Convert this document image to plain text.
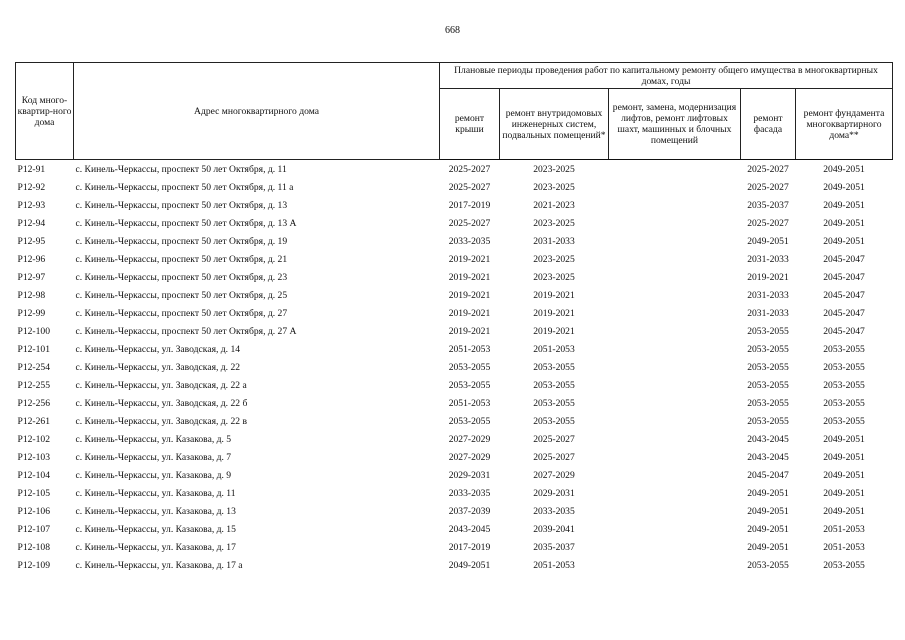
668
Код много-квартир-ного дома	Адрес многоквартирного дома	Плановые периоды проведения работ по капитальному ремонту общего имущества в многоквартирных домах, годы				
		ремонт крыши	ремонт внутридомовых инженерных систем, подвальных помещений*	ремонт, замена, модернизация лифтов, ремонт лифтовых шахт, машинных и блочных помещений	ремонт фасада	ремонт фундамента многоквартирного дома**
Р12-91	с. Кинель-Черкассы, проспект 50 лет Октября, д. 11	2025-2027	2023-2025		2025-2027	2049-2051
Р12-92	с. Кинель-Черкассы, проспект 50 лет Октября, д. 11 а	2025-2027	2023-2025		2025-2027	2049-2051
Р12-93	с. Кинель-Черкассы, проспект 50 лет Октября, д. 13	2017-2019	2021-2023		2035-2037	2049-2051
Р12-94	с. Кинель-Черкассы, проспект 50 лет Октября, д. 13 А	2025-2027	2023-2025		2025-2027	2049-2051
Р12-95	с. Кинель-Черкассы, проспект 50 лет Октября, д. 19	2033-2035	2031-2033		2049-2051	2049-2051
Р12-96	с. Кинель-Черкассы, проспект 50 лет Октября, д. 21	2019-2021	2023-2025		2031-2033	2045-2047
Р12-97	с. Кинель-Черкассы, проспект 50 лет Октября, д. 23	2019-2021	2023-2025		2019-2021	2045-2047
Р12-98	с. Кинель-Черкассы, проспект 50 лет Октября, д. 25	2019-2021	2019-2021		2031-2033	2045-2047
Р12-99	с. Кинель-Черкассы, проспект 50 лет Октября, д. 27	2019-2021	2019-2021		2031-2033	2045-2047
Р12-100	с. Кинель-Черкассы, проспект 50 лет Октября, д. 27 А	2019-2021	2019-2021		2053-2055	2045-2047
Р12-101	с. Кинель-Черкассы, ул. Заводская, д. 14	2051-2053	2051-2053		2053-2055	2053-2055
Р12-254	с. Кинель-Черкассы, ул. Заводская, д. 22	2053-2055	2053-2055		2053-2055	2053-2055
Р12-255	с. Кинель-Черкассы, ул. Заводская, д. 22 а	2053-2055	2053-2055		2053-2055	2053-2055
Р12-256	с. Кинель-Черкассы, ул. Заводская, д. 22 б	2051-2053	2053-2055		2053-2055	2053-2055
Р12-261	с. Кинель-Черкассы, ул. Заводская, д. 22 в	2053-2055	2053-2055		2053-2055	2053-2055
Р12-102	с. Кинель-Черкассы, ул. Казакова, д. 5	2027-2029	2025-2027		2043-2045	2049-2051
Р12-103	с. Кинель-Черкассы, ул. Казакова, д. 7	2027-2029	2025-2027		2043-2045	2049-2051
Р12-104	с. Кинель-Черкассы, ул. Казакова, д. 9	2029-2031	2027-2029		2045-2047	2049-2051
Р12-105	с. Кинель-Черкассы, ул. Казакова, д. 11	2033-2035	2029-2031		2049-2051	2049-2051
Р12-106	с. Кинель-Черкассы, ул. Казакова, д. 13	2037-2039	2033-2035		2049-2051	2049-2051
Р12-107	с. Кинель-Черкассы, ул. Казакова, д. 15	2043-2045	2039-2041		2049-2051	2051-2053
Р12-108	с. Кинель-Черкассы, ул. Казакова, д. 17	2017-2019	2035-2037		2049-2051	2051-2053
Р12-109	с. Кинель-Черкассы, ул. Казакова, д. 17 а	2049-2051	2051-2053		2053-2055	2053-2055
